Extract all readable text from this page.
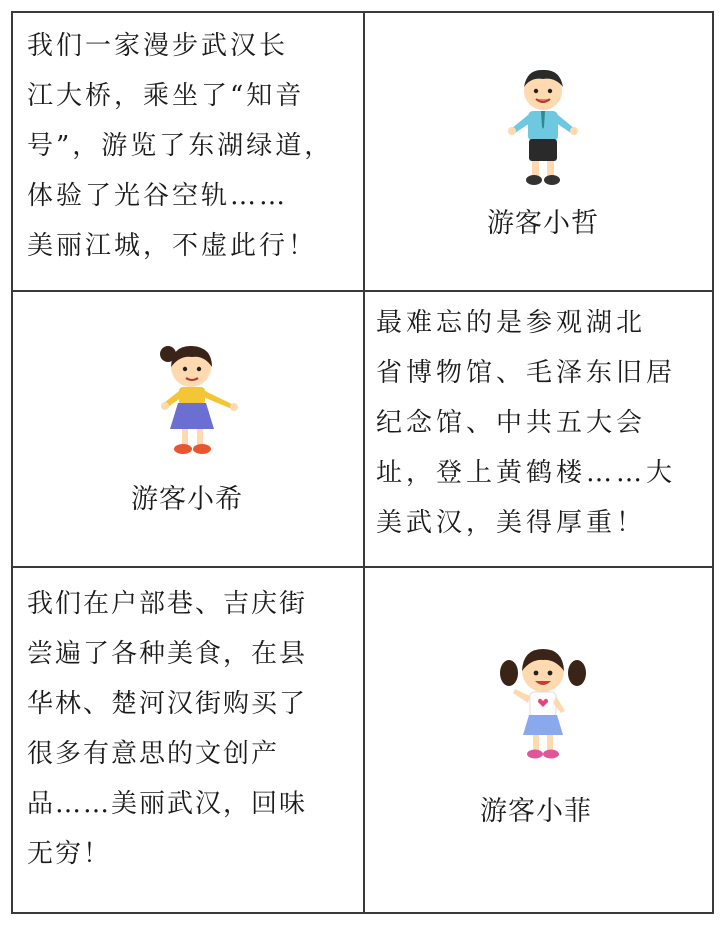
我们一家漫步武汉长
江大桥，乘坐了“知音
号”，游览了东湖绿道，
体验了光谷空轨……
美丽江城，不虚此行！
游客小哲
游客小希
最难忘的是参观湖北
省博物馆、毛泽东旧居
纪念馆、中共五大会
址，登上黄鹤楼……大
美武汉，美得厚重！
我们在户部巷、吉庆街
尝遍了各种美食，在县
华林、楚河汉街购买了
很多有意思的文创产
品……美丽武汉，回味
无穷！
游客小菲
